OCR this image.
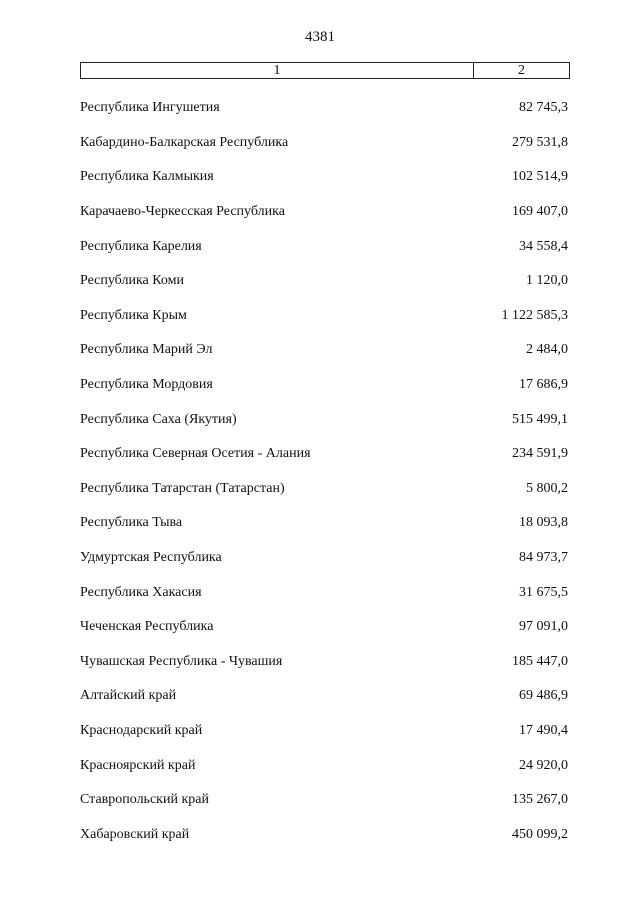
4381
1	2
Республика Ингушетия	82 745,3
Кабардино-Балкарская Республика	279 531,8
Республика Калмыкия	102 514,9
Карачаево-Черкесская Республика	169 407,0
Республика Карелия	34 558,4
Республика Коми	1 120,0
Республика Крым	1 122 585,3
Республика Марий Эл	2 484,0
Республика Мордовия	17 686,9
Республика Саха (Якутия)	515 499,1
Республика Северная Осетия - Алания	234 591,9
Республика Татарстан (Татарстан)	5 800,2
Республика Тыва	18 093,8
Удмуртская Республика	84 973,7
Республика Хакасия	31 675,5
Чеченская Республика	97 091,0
Чувашская Республика - Чувашия	185 447,0
Алтайский край	69 486,9
Краснодарский край	17 490,4
Красноярский край	24 920,0
Ставропольский край	135 267,0
Хабаровский край	450 099,2
